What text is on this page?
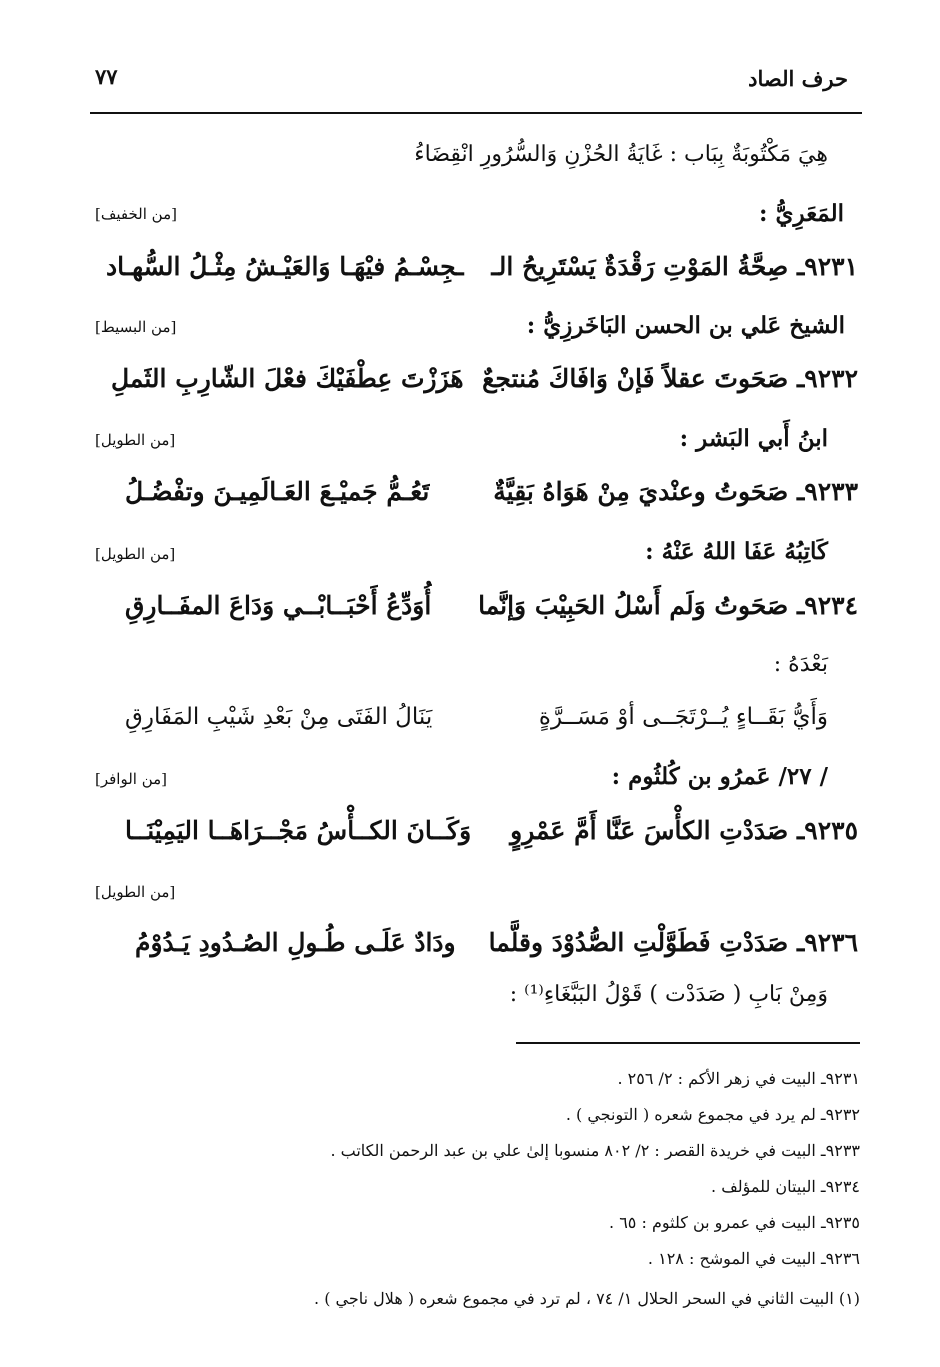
٧٧	حرف الصاد
هِيَ مَكْتُوبَةٌ بِبَاب : غَايَةُ الحُزْنِ وَالسُّرُورِ انْقِضَاءُ
المَعَرِيُّ :
[من الخفيف]
٩٢٣١ـ صِحَّةُ المَوْتِ رَقْدَةٌ يَسْتَرِيحُ الـ
ـجِسْـمُ فيْهَـا وَالعَيْـشُ مِثْـلُ السُّهـاد
الشيخ عَلي بن الحسن البَاخَرزِيُّ :
[من البسيط]
٩٢٣٢ـ صَحَوتَ عقلاً فَإنْ وَافَاكَ مُنتجعٌ
هَزَزْتَ عِطْفَيْكَ فعْلَ الشّارِبِ الثَملِ
ابنُ أَبي البَشر :
[من الطويل]
٩٢٣٣ـ صَحَوتُ وعنْديَ مِنْ هَوَاهُ بَقِيَّةٌ
تَعُـمُّ جَميْـعَ العَـالَمِيـنَ وتفْضُـلُ
كَاتِبُهُ عَفَا اللهُ عَنْهُ :
[من الطويل]
٩٢٣٤ـ صَحَوتُ وَلَم أَسْلُ الحَبِيْبَ وَإنَّما
أُوَدِّعُ أَحْبَــابْــي وَدَاعَ المفَــارِقِ
بَعْدَهُ :
وَأَيُّ بَقَــاءٍ يُــرْتَجَــى أوْ مَسَــرَّةٍ
يَنَالُ الفَتَى مِنْ بَعْدِ شَيْبِ المَفَارِقِ
/ ٢٧/ عَمرُو بن كُلثُوم :
[من الوافر]
٩٢٣٥ـ صَدَدْتِ الكأْسَ عَنَّا أَمَّ عَمْرِوٍ
وَكَــانَ الكــأْسُ مَجْــرَاهَــا اليَمِيْنَــا
[من الطويل]
٩٢٣٦ـ صَدَدْتِ فَطَوَّلْتِ الصُّدُوْدَ وقلَّما
ودَادٌ عَلَـى طُـولِ الصُـدُودِ يَـدُوْمُ
وَمِنْ بَابِ ( صَدَدْت ) قَوْلُ البَبَّغَاءِ⁽¹⁾ :
٩٢٣١ـ البيت في زهر الأكم : ٢/ ٢٥٦ .
٩٢٣٢ـ لم يرد في مجموع شعره ( التونجي ) .
٩٢٣٣ـ البيت في خريدة القصر : ٢/ ٨٠٢ منسوبا إلىٰ علي بن عبد الرحمن الكاتب .
٩٢٣٤ـ البيتان للمؤلف .
٩٢٣٥ـ البيت في عمرو بن كلثوم : ٦٥ .
٩٢٣٦ـ البيت في الموشح : ١٢٨ .
(١) البيت الثاني في السحر الحلال ١/ ٧٤ ، لم ترد في مجموع شعره ( هلال ناجي ) .
